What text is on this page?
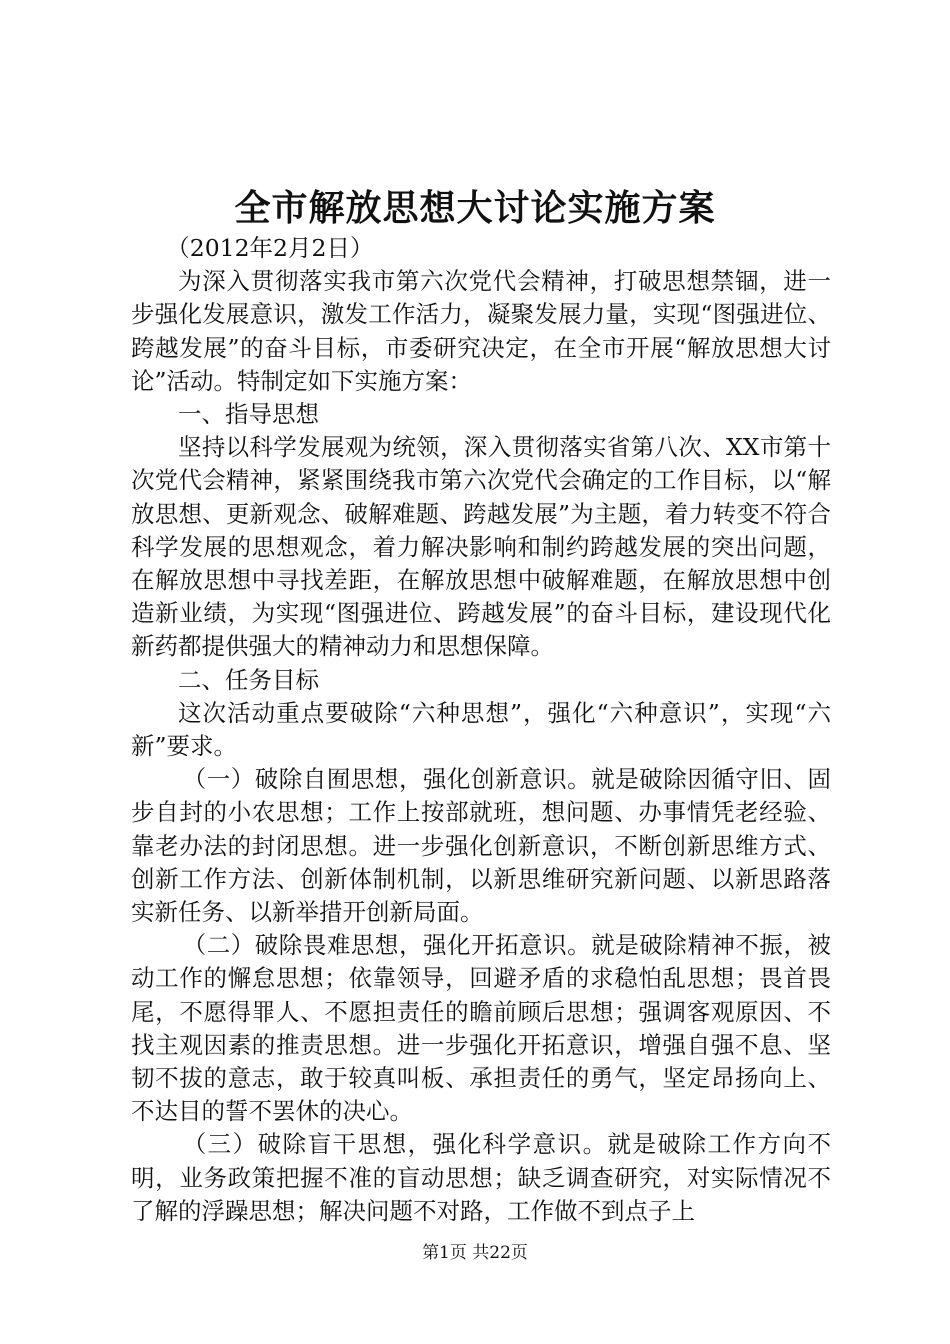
全市解放思想大讨论实施方案

（2012年2月2日）

为深入贯彻落实我市第六次党代会精神，打破思想禁锢，进一步强化发展意识，激发工作活力，凝聚发展力量，实现“图强进位、跨越发展”的奋斗目标，市委研究决定，在全市开展“解放思想大讨论”活动。特制定如下实施方案：

一、指导思想

坚持以科学发展观为统领，深入贯彻落实省第八次、XX市第十次党代会精神，紧紧围绕我市第六次党代会确定的工作目标，以“解放思想、更新观念、破解难题、跨越发展”为主题，着力转变不符合科学发展的思想观念，着力解决影响和制约跨越发展的突出问题，在解放思想中寻找差距，在解放思想中破解难题，在解放思想中创造新业绩，为实现“图强进位、跨越发展”的奋斗目标，建设现代化新药都提供强大的精神动力和思想保障。

二、任务目标

这次活动重点要破除“六种思想”，强化“六种意识”，实现“六新”要求。

（一）破除自囿思想，强化创新意识。就是破除因循守旧、固步自封的小农思想；工作上按部就班，想问题、办事情凭老经验、靠老办法的封闭思想。进一步强化创新意识，不断创新思维方式、创新工作方法、创新体制机制，以新思维研究新问题、以新思路落实新任务、以新举措开创新局面。

（二）破除畏难思想，强化开拓意识。就是破除精神不振，被动工作的懈怠思想；依靠领导，回避矛盾的求稳怕乱思想；畏首畏尾，不愿得罪人、不愿担责任的瞻前顾后思想；强调客观原因、不找主观因素的推责思想。进一步强化开拓意识，增强自强不息、坚韧不拔的意志，敢于较真叫板、承担责任的勇气，坚定昂扬向上、不达目的誓不罢休的决心。

（三）破除盲干思想，强化科学意识。就是破除工作方向不明，业务政策把握不准的盲动思想；缺乏调查研究，对实际情况不了解的浮躁思想；解决问题不对路，工作做不到点子上

第1页 共22页
